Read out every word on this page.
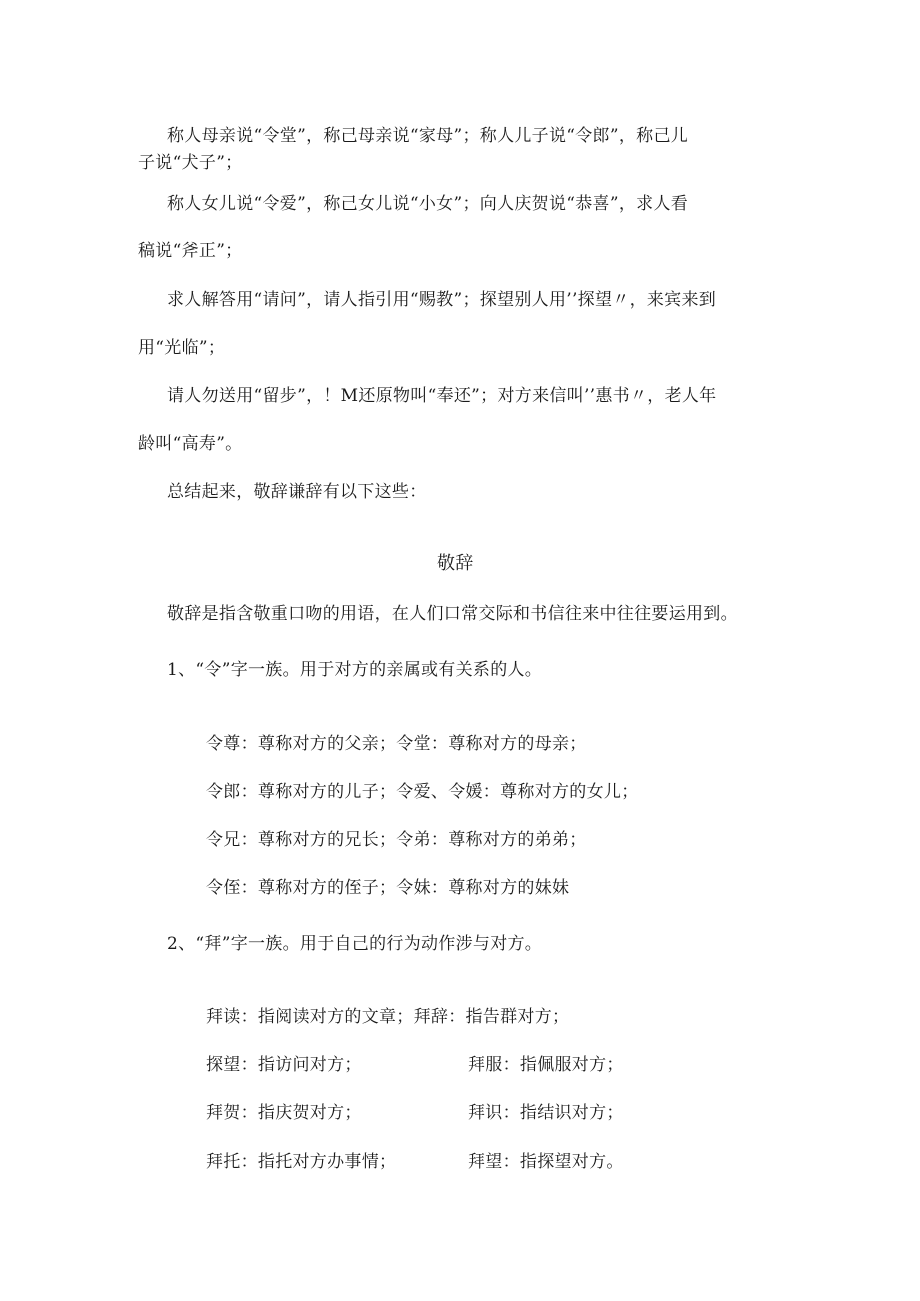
称人母亲说“令堂”，称己母亲说“家母”；称人儿子说“令郎”，称己儿
子说“犬子”；
称人女儿说“令爱”，称己女儿说“小女”；向人庆贺说“恭喜”，求人看
稿说“斧正”；
求人解答用“请问”，请人指引用“赐教”；探望别人用’’探望〃，来宾来到
用“光临”；
请人勿送用“留步”，！M还原物叫“奉还”；对方来信叫’’惠书〃，老人年
龄叫“高寿”。
总结起来，敬辞谦辞有以下这些：
敬辞
敬辞是指含敬重口吻的用语，在人们口常交际和书信往来中往往要运用到。
1、“令”字一族。用于对方的亲属或有关系的人。
令尊：尊称对方的父亲；令堂：尊称对方的母亲；
令郎：尊称对方的儿子；令爱、令媛：尊称对方的女儿；
令兄：尊称对方的兄长；令弟：尊称对方的弟弟；
令侄：尊称对方的侄子；令妹：尊称对方的妹妹
2、“拜”字一族。用于自己的行为动作涉与对方。
拜读：指阅读对方的文章；拜辞：指告群对方；
探望：指访问对方；	拜服：指佩服对方；
拜贺：指庆贺对方；	拜识：指结识对方；
拜托：指托对方办事情；	拜望：指探望对方。
